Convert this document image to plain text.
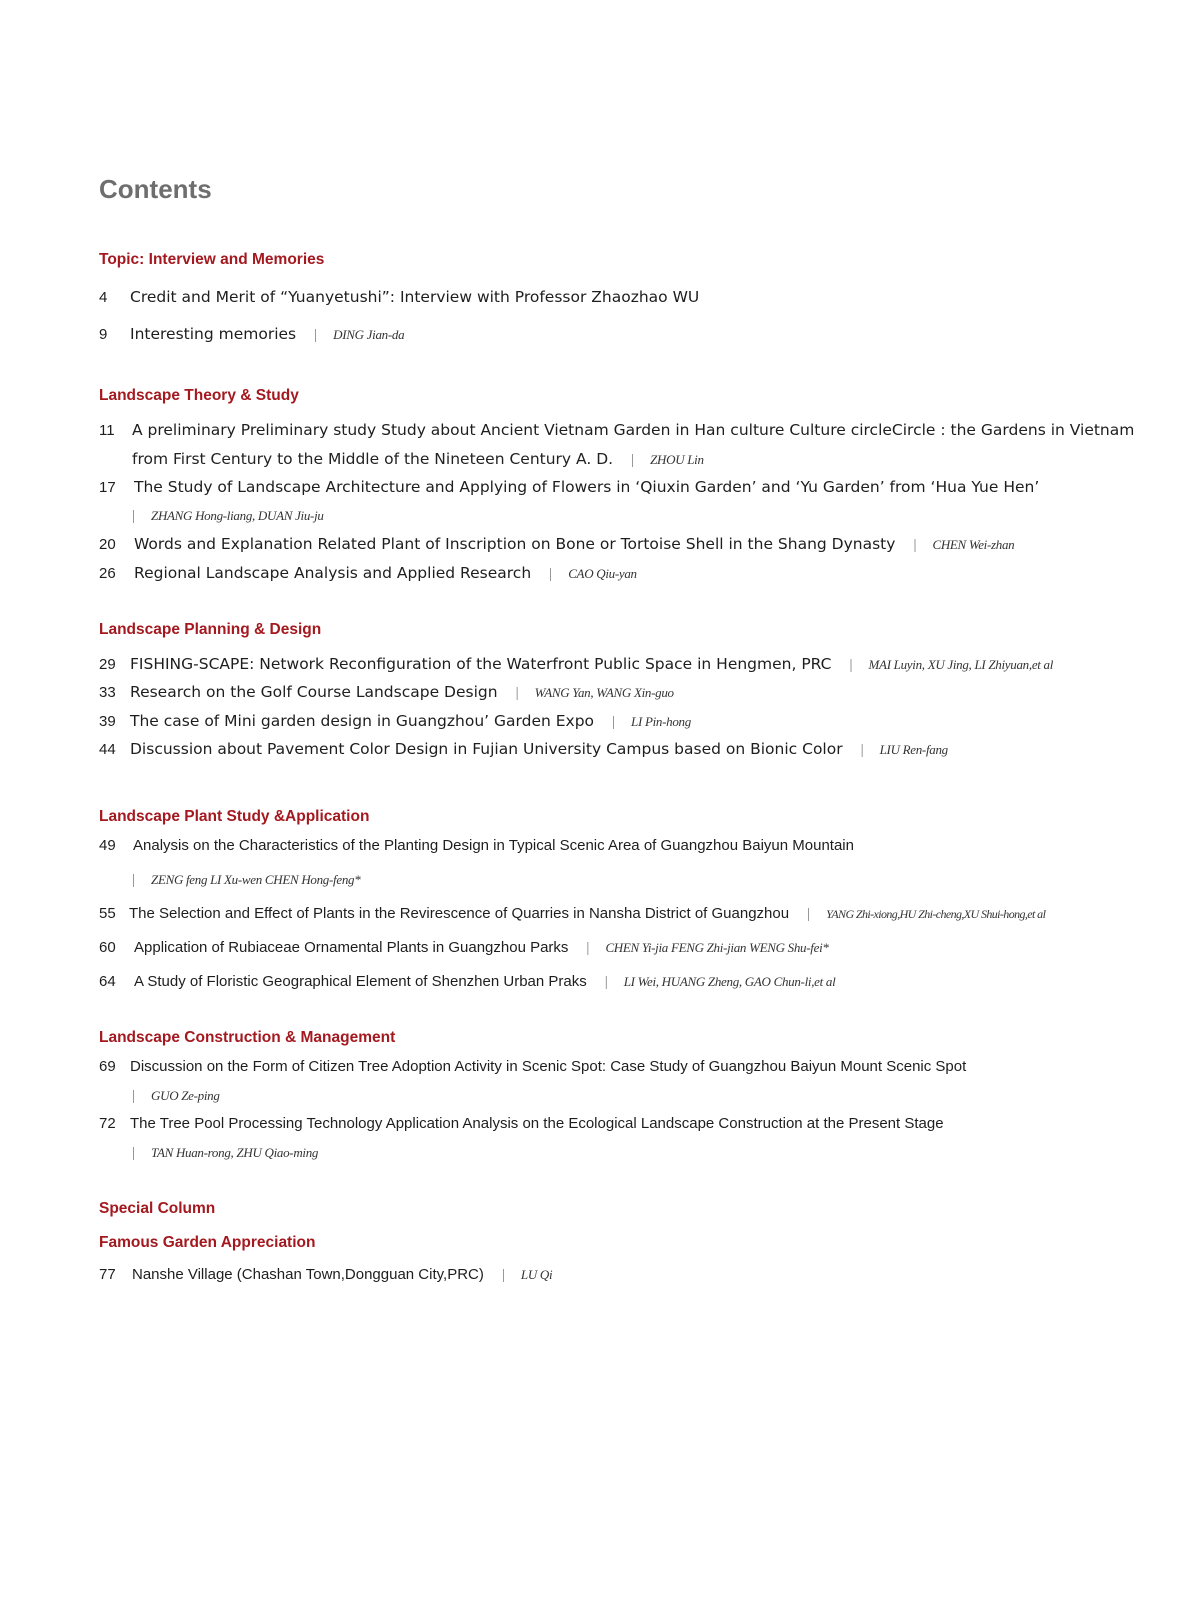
Contents
Topic: Interview and Memories
4 Credit and Merit of “Yuanyetushi”: Interview with Professor Zhaozhao WU
9 Interesting memories | DING Jian-da
Landscape Theory & Study
11 A preliminary Preliminary study Study about Ancient Vietnam Garden in Han culture Culture circleCircle : the Gardens in Vietnam
from First Century to the Middle of the Nineteen Century A. D. | ZHOU Lin
17 The Study of Landscape Architecture and Applying of Flowers in ‘Qiuxin Garden’ and ‘Yu Garden’ from ‘Hua Yue Hen’
| ZHANG Hong-liang, DUAN Jiu-ju
20 Words and Explanation Related Plant of Inscription on Bone or Tortoise Shell in the Shang Dynasty | CHEN Wei-zhan
26 Regional Landscape Analysis and Applied Research | CAO Qiu-yan
Landscape Planning & Design
29 FISHING-SCAPE: Network Reconfiguration of the Waterfront Public Space in Hengmen, PRC | MAI Luyin, XU Jing, LI Zhiyuan,et al
33 Research on the Golf Course Landscape Design | WANG Yan, WANG Xin-guo
39 The case of Mini garden design in Guangzhou’ Garden Expo | LI Pin-hong
44 Discussion about Pavement Color Design in Fujian University Campus based on Bionic Color | LIU Ren-fang
Landscape Plant Study &Application
49 Analysis on the Characteristics of the Planting Design in Typical Scenic Area of Guangzhou Baiyun Mountain
| ZENG feng LI Xu-wen CHEN Hong-feng*
55 The Selection and Effect of Plants in the Revirescence of Quarries in Nansha District of Guangzhou | YANG Zhi-xiong,HU Zhi-cheng,XU Shui-hong,et al
60 Application of Rubiaceae Ornamental Plants in Guangzhou Parks | CHEN Yi-jia FENG Zhi-jian WENG Shu-fei*
64 A Study of Floristic Geographical Element of Shenzhen Urban Praks | LI Wei, HUANG Zheng, GAO Chun-li,et al
Landscape Construction & Management
69 Discussion on the Form of Citizen Tree Adoption Activity in Scenic Spot: Case Study of Guangzhou Baiyun Mount Scenic Spot
| GUO Ze-ping
72 The Tree Pool Processing Technology Application Analysis on the Ecological Landscape Construction at the Present Stage
| TAN Huan-rong, ZHU Qiao-ming
Special Column
Famous Garden Appreciation
77 Nanshe Village (Chashan Town,Dongguan City,PRC) | LU Qi
